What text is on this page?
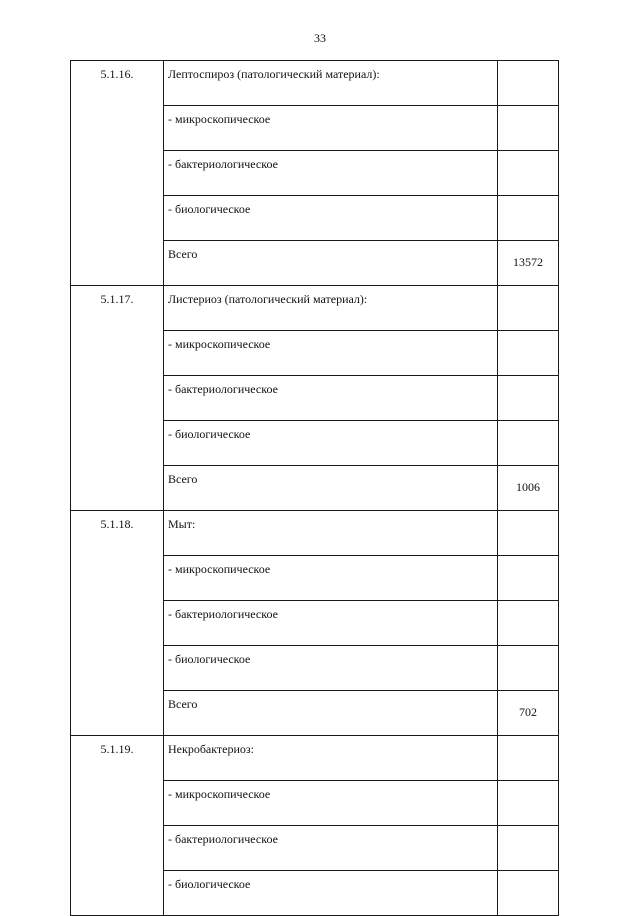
33
5.1.16.	Лептоспироз (патологический материал):	
	- микроскопическое	
	- бактериологическое	
	- биологическое	
	Всего	13572
5.1.17.	Листериоз (патологический материал):	
	- микроскопическое	
	- бактериологическое	
	- биологическое	
	Всего	1006
5.1.18.	Мыт:	
	- микроскопическое	
	- бактериологическое	
	- биологическое	
	Всего	702
5.1.19.	Некробактериоз:	
	- микроскопическое	
	- бактериологическое	
	- биологическое	
